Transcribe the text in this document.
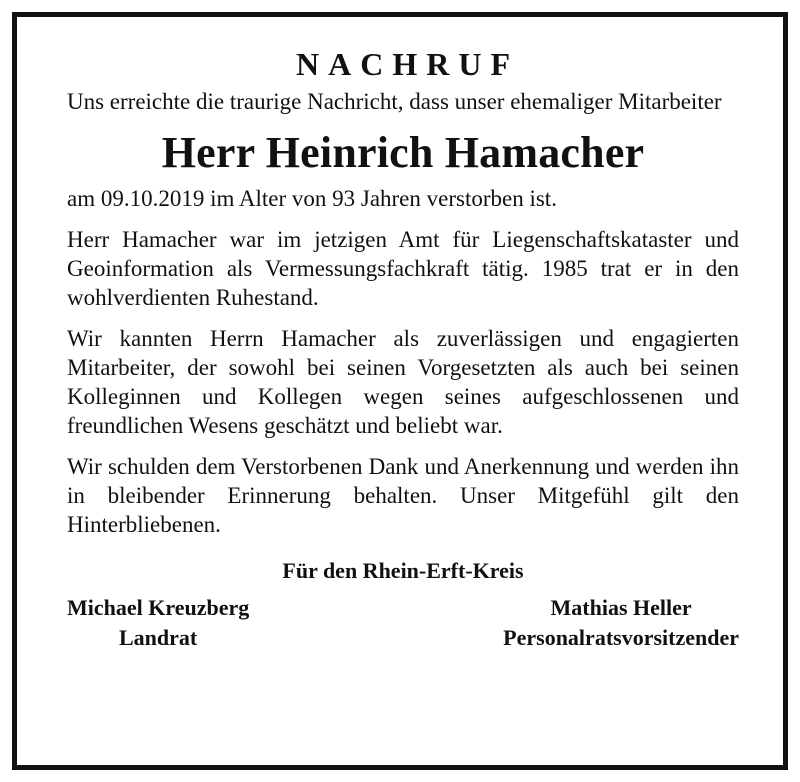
NACHRUF

Uns erreichte die traurige Nachricht, dass unser ehemaliger Mitarbeiter

Herr Heinrich Hamacher

am 09.10.2019 im Alter von 93 Jahren verstorben ist.

Herr Hamacher war im jetzigen Amt für Liegenschaftskataster und Geoinformation als Vermessungsfachkraft tätig. 1985 trat er in den wohlverdienten Ruhestand.

Wir kannten Herrn Hamacher als zuverlässigen und engagierten Mitarbeiter, der sowohl bei seinen Vorgesetzten als auch bei seinen Kolleginnen und Kollegen wegen seines aufgeschlossenen und freundlichen Wesens geschätzt und beliebt war.

Wir schulden dem Verstorbenen Dank und Anerkennung und werden ihn in bleibender Erinnerung behalten. Unser Mitgefühl gilt den Hinterbliebenen.

Für den Rhein-Erft-Kreis
Michael Kreuzberg
Landrat
Mathias Heller
Personalratsvorsitzender
